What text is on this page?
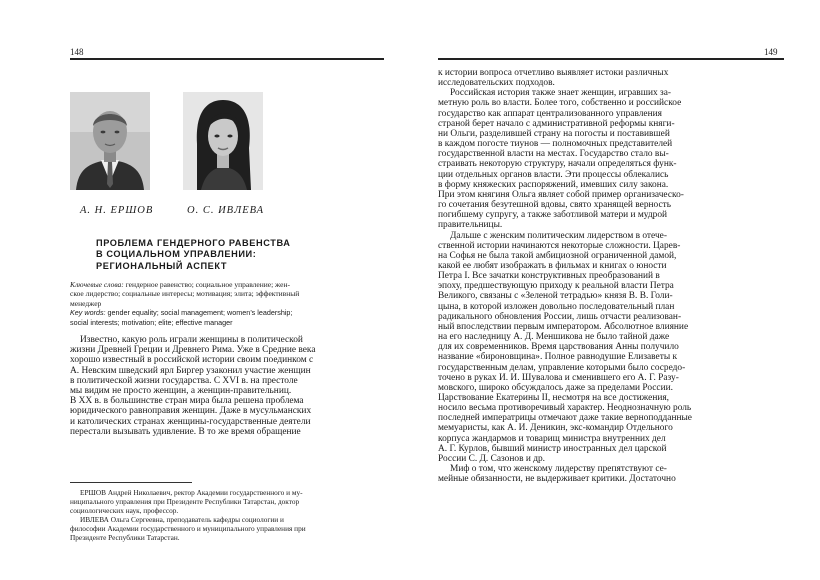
148
А. Н. ЕРШОВ	О. С. ИВЛЕВА
ПРОБЛЕМА ГЕНДЕРНОГО РАВЕНСТВА
В СОЦИАЛЬНОМ УПРАВЛЕНИИ:
РЕГИОНАЛЬНЫЙ АСПЕКТ
Ключевые слова: гендерное равенство; социальное управление; жен-
ское лидерство; социальные интересы; мотивация; элита; эффективный
менеджер
Key words: gender equality; social management; women’s leadership;
social interests; motivation; elite; effective manager
Известно, какую роль играли женщины в политической
жизни Древней Греции и Древнего Рима. Уже в Средние века
хорошо известный в российской истории своим поединком с
А. Невским шведский ярл Биргер узаконил участие женщин
в политической жизни государства. С XVI в. на престоле
мы видим не просто женщин, а женщин-правительниц.
В XX в. в большинстве стран мира была решена проблема
юридического равноправия женщин. Даже в мусульманских
и католических странах женщины-государственные деятели
перестали вызывать удивление. В то же время обращение
ЕРШОВ Андрей Николаевич, ректор Академии государственного и му-
ниципального управления при Президенте Республики Татарстан, доктор
социологических наук, профессор.
ИВЛЕВА Ольга Сергеевна, преподаватель кафедры социологии и
философии Академии государственного и муниципального управления при
Президенте Республики Татарстан.
149
к истории вопроса отчетливо выявляет истоки различных
исследовательских подходов.
Российская история также знает женщин, игравших за-
метную роль во власти. Более того, собственно и российское
государство как аппарат централизованного управления
страной берет начало с административной реформы княги-
ни Ольги, разделившей страну на погосты и поставившей
в каждом погосте тиунов — полномочных представителей
государственной власти на местах. Государство стало вы-
страивать некоторую структуру, начали определяться функ-
ции отдельных органов власти. Эти процессы облекались
в форму княжеских распоряжений, имевших силу закона.
При этом княгиня Ольга являет собой пример организаческо-
го сочетания безутешной вдовы, свято хранящей верность
погибшему супругу, а также заботливой матери и мудрой
правительницы.
Дальше с женским политическим лидерством в отече-
ственной истории начинаются некоторые сложности. Царев-
на Софья не была такой амбициозной ограниченной дамой,
какой ее любят изображать в фильмах и книгах о юности
Петра I. Все зачатки конструктивных преобразований в
эпоху, предшествующую приходу к реальной власти Петра
Великого, связаны с «Зеленой тетрадью» князя В. В. Голи-
цына, в которой изложен довольно последовательный план
радикального обновления России, лишь отчасти реализован-
ный впоследствии первым императором. Абсолютное влияние
на его наследницу А. Д. Меншикова не было тайной даже
для их современников. Время царствования Анны получило
название «бироновщина». Полное равнодушие Елизаветы к
государственным делам, управление которыми было сосредо-
точено в руках И. И. Шувалова и сменившего его А. Г. Разу-
мовского, широко обсуждалось даже за пределами России.
Царствование Екатерины II, несмотря на все достижения,
носило весьма противоречивый характер. Неоднозначную роль
последней императрицы отмечают даже такие верноподданные
мемуаристы, как А. И. Деникин, экс-командир Отдельного
корпуса жандармов и товарищ министра внутренних дел
А. Г. Курлов, бывший министр иностранных дел царской
России С. Д. Сазонов и др.
Миф о том, что женскому лидерству препятствуют се-
мейные обязанности, не выдерживает критики. Достаточно
